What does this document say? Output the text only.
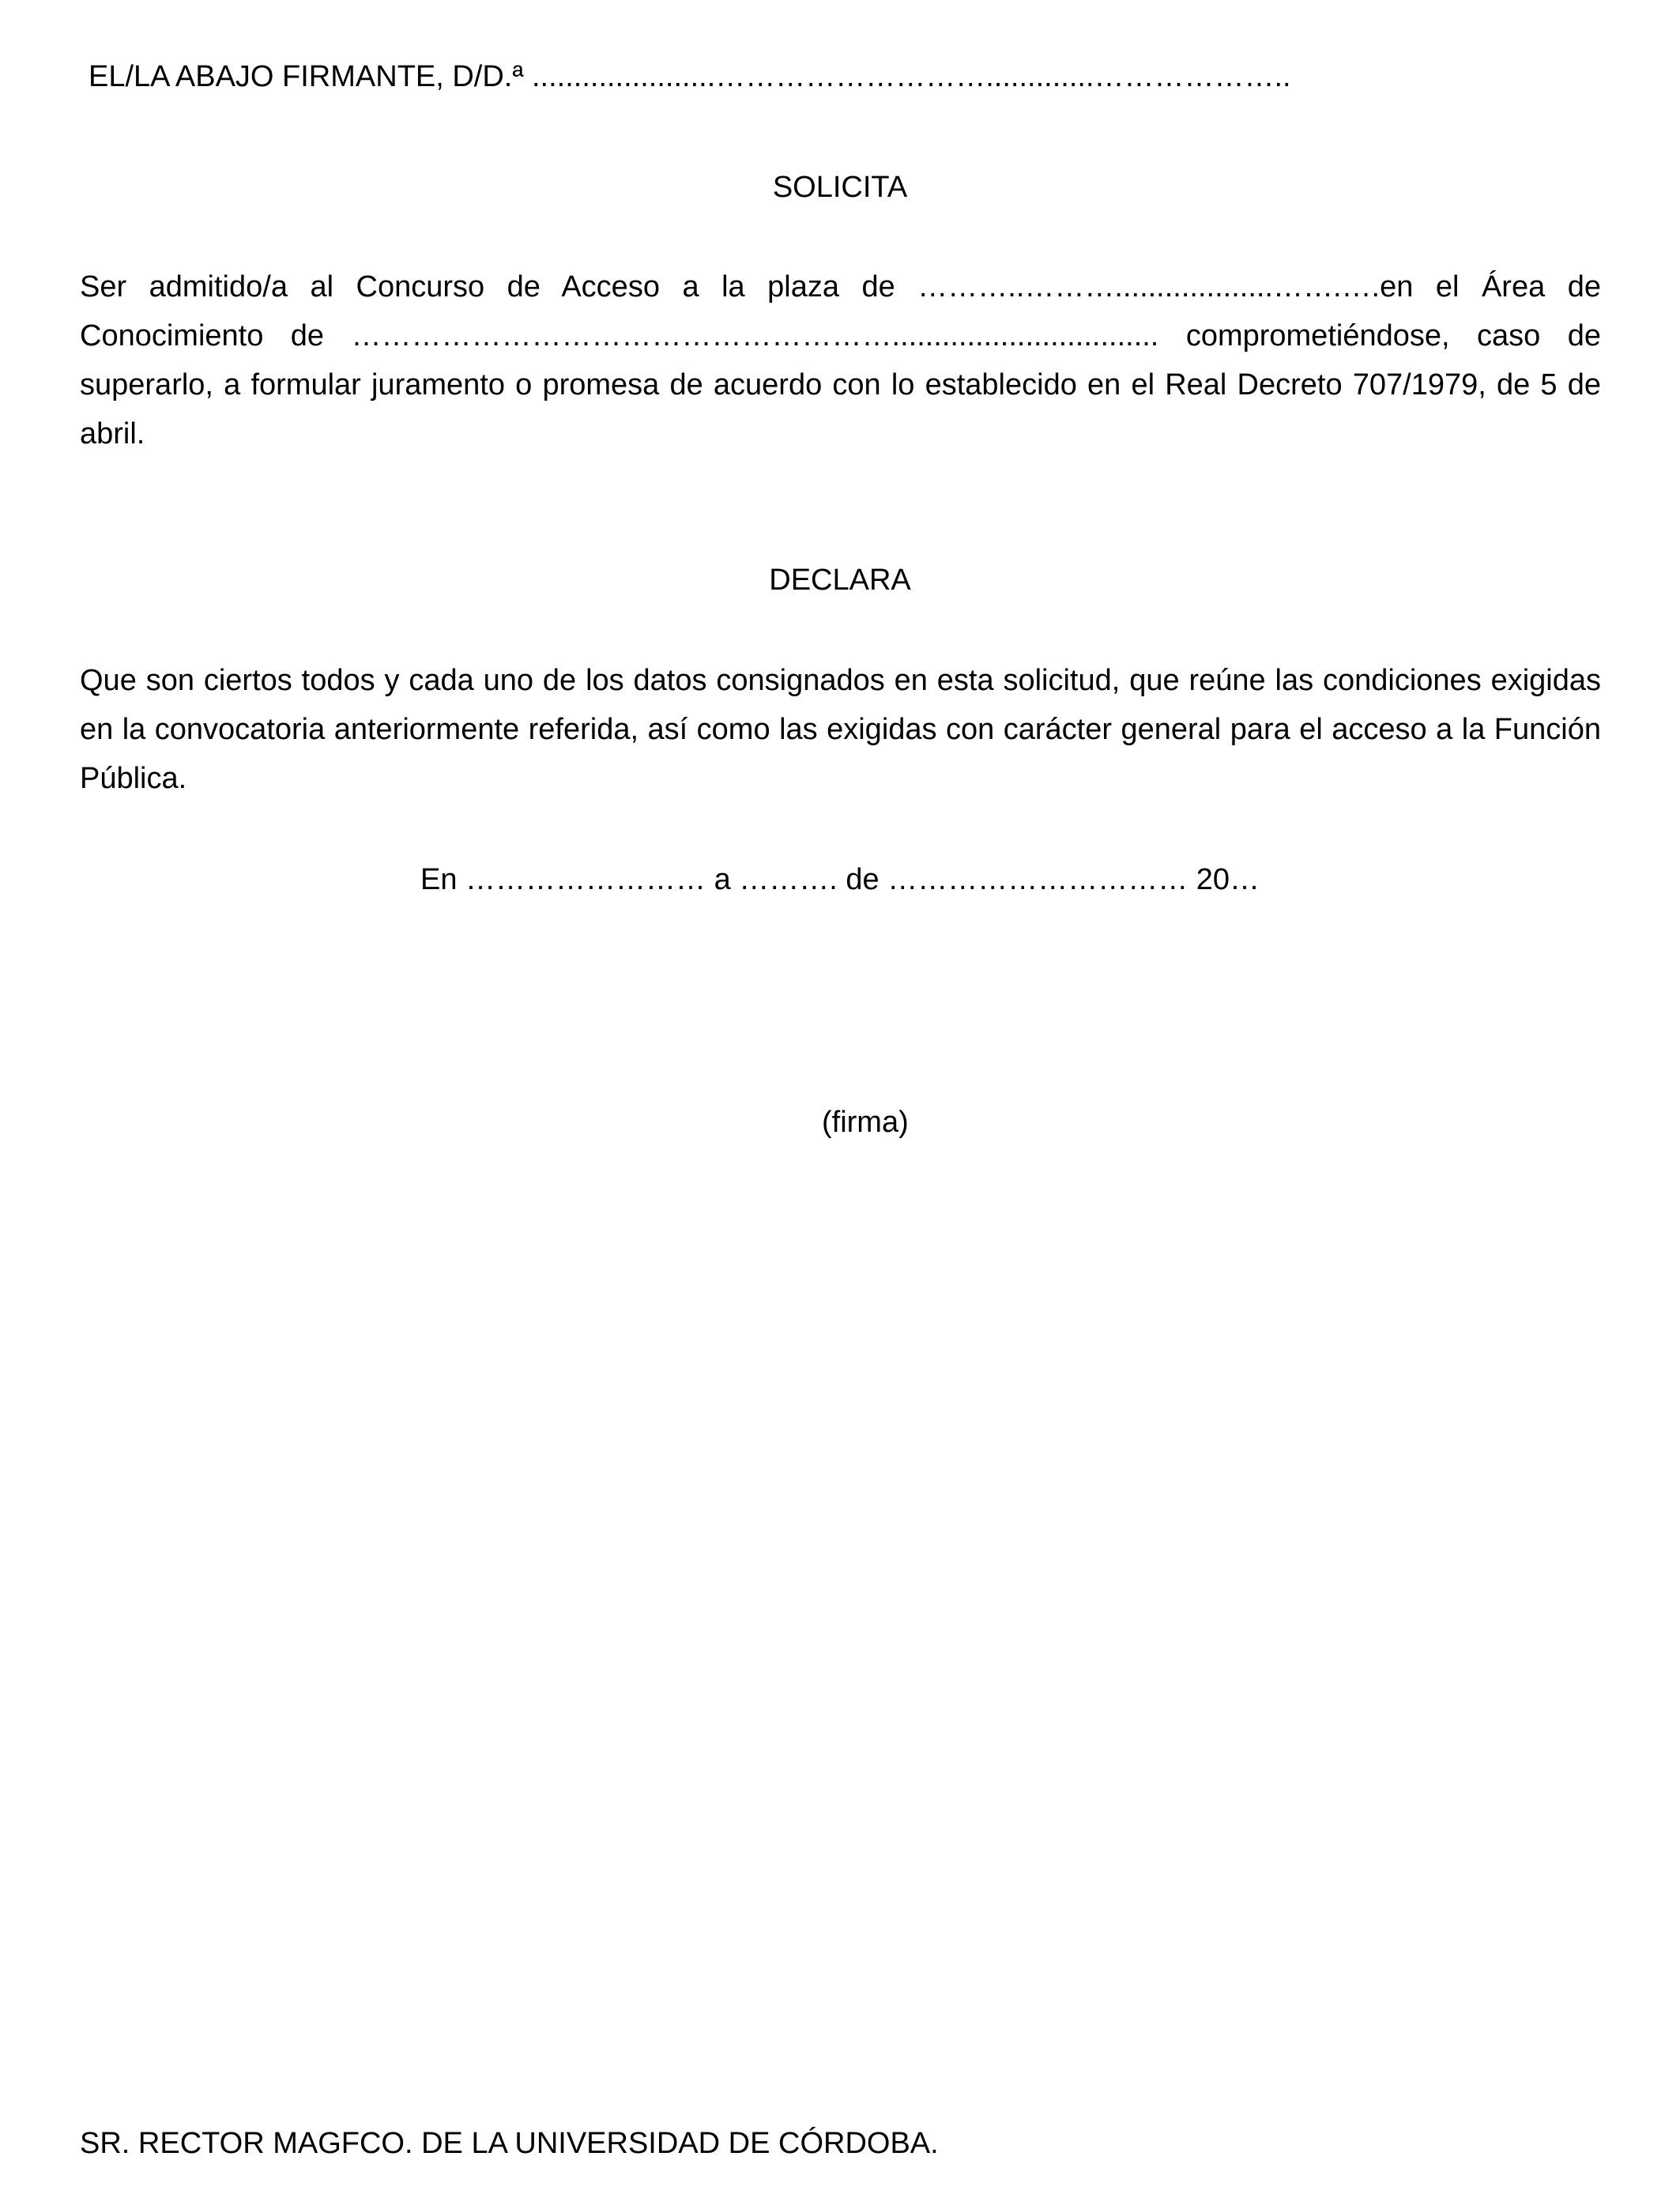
EL/LA ABAJO FIRMANTE, D/D.ª ......................……………………….............………………..

SOLICITA

Ser admitido/a al Concurso de Acceso a la plaza de ………..………...................…….….en el Área de Conocimiento de ………………………………………………................................ comprometiéndose, caso de superarlo, a formular juramento o promesa de acuerdo con lo establecido en el Real Decreto 707/1979, de 5 de abril.

DECLARA

Que son ciertos todos y cada uno de los datos consignados en esta solicitud, que reúne las condiciones exigidas en la convocatoria anteriormente referida, así como las exigidas con carácter general para el acceso a la Función Pública.

En …………………… a ………. de ………………………… 20…

(firma)

SR. RECTOR MAGFCO. DE LA UNIVERSIDAD DE CÓRDOBA.
